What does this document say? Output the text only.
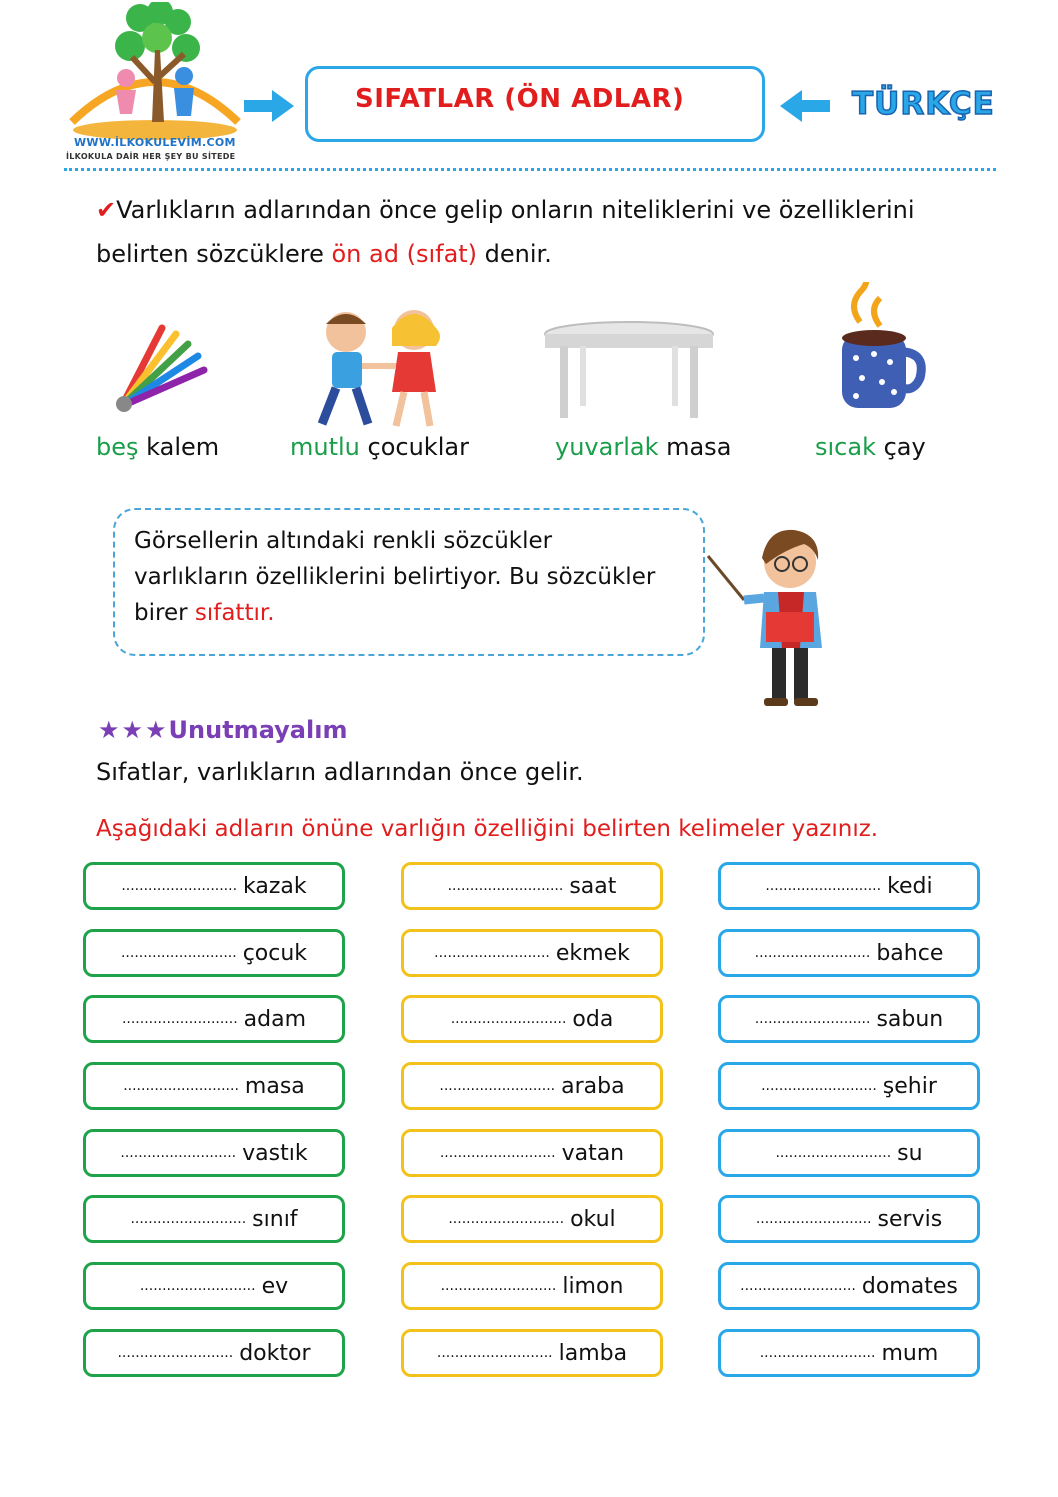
WWW.İLKOKULEVİM.COM
İLKOKULA DAİR HER ŞEY BU SİTEDE
SIFATLAR (ÖN ADLAR)	TÜRKÇE
✔Varlıkların adlarından önce gelip onların niteliklerini ve özelliklerini
belirten sözcüklere ön ad (sıfat) denir.
beş kalem	mutlu çocuklar	yuvarlak masa	sıcak çay
Görsellerin altındaki renkli sözcükler
varlıkların özelliklerini belirtiyor. Bu sözcükler
birer sıfattır.
★★★Unutmayalım
Sıfatlar, varlıkların adlarından önce gelir.
Aşağıdaki adların önüne varlığın özelliğini belirten kelimeler yazınız.
.......................... kazak
.......................... çocuk
.......................... adam
.......................... masa
.......................... vastık
.......................... sınıf
.......................... ev
.......................... doktor
.......................... saat
.......................... ekmek
.......................... oda
.......................... araba
.......................... vatan
.......................... okul
.......................... limon
.......................... lamba
.......................... kedi
.......................... bahce
.......................... sabun
.......................... şehir
.......................... su
.......................... servis
.......................... domates
.......................... mum
